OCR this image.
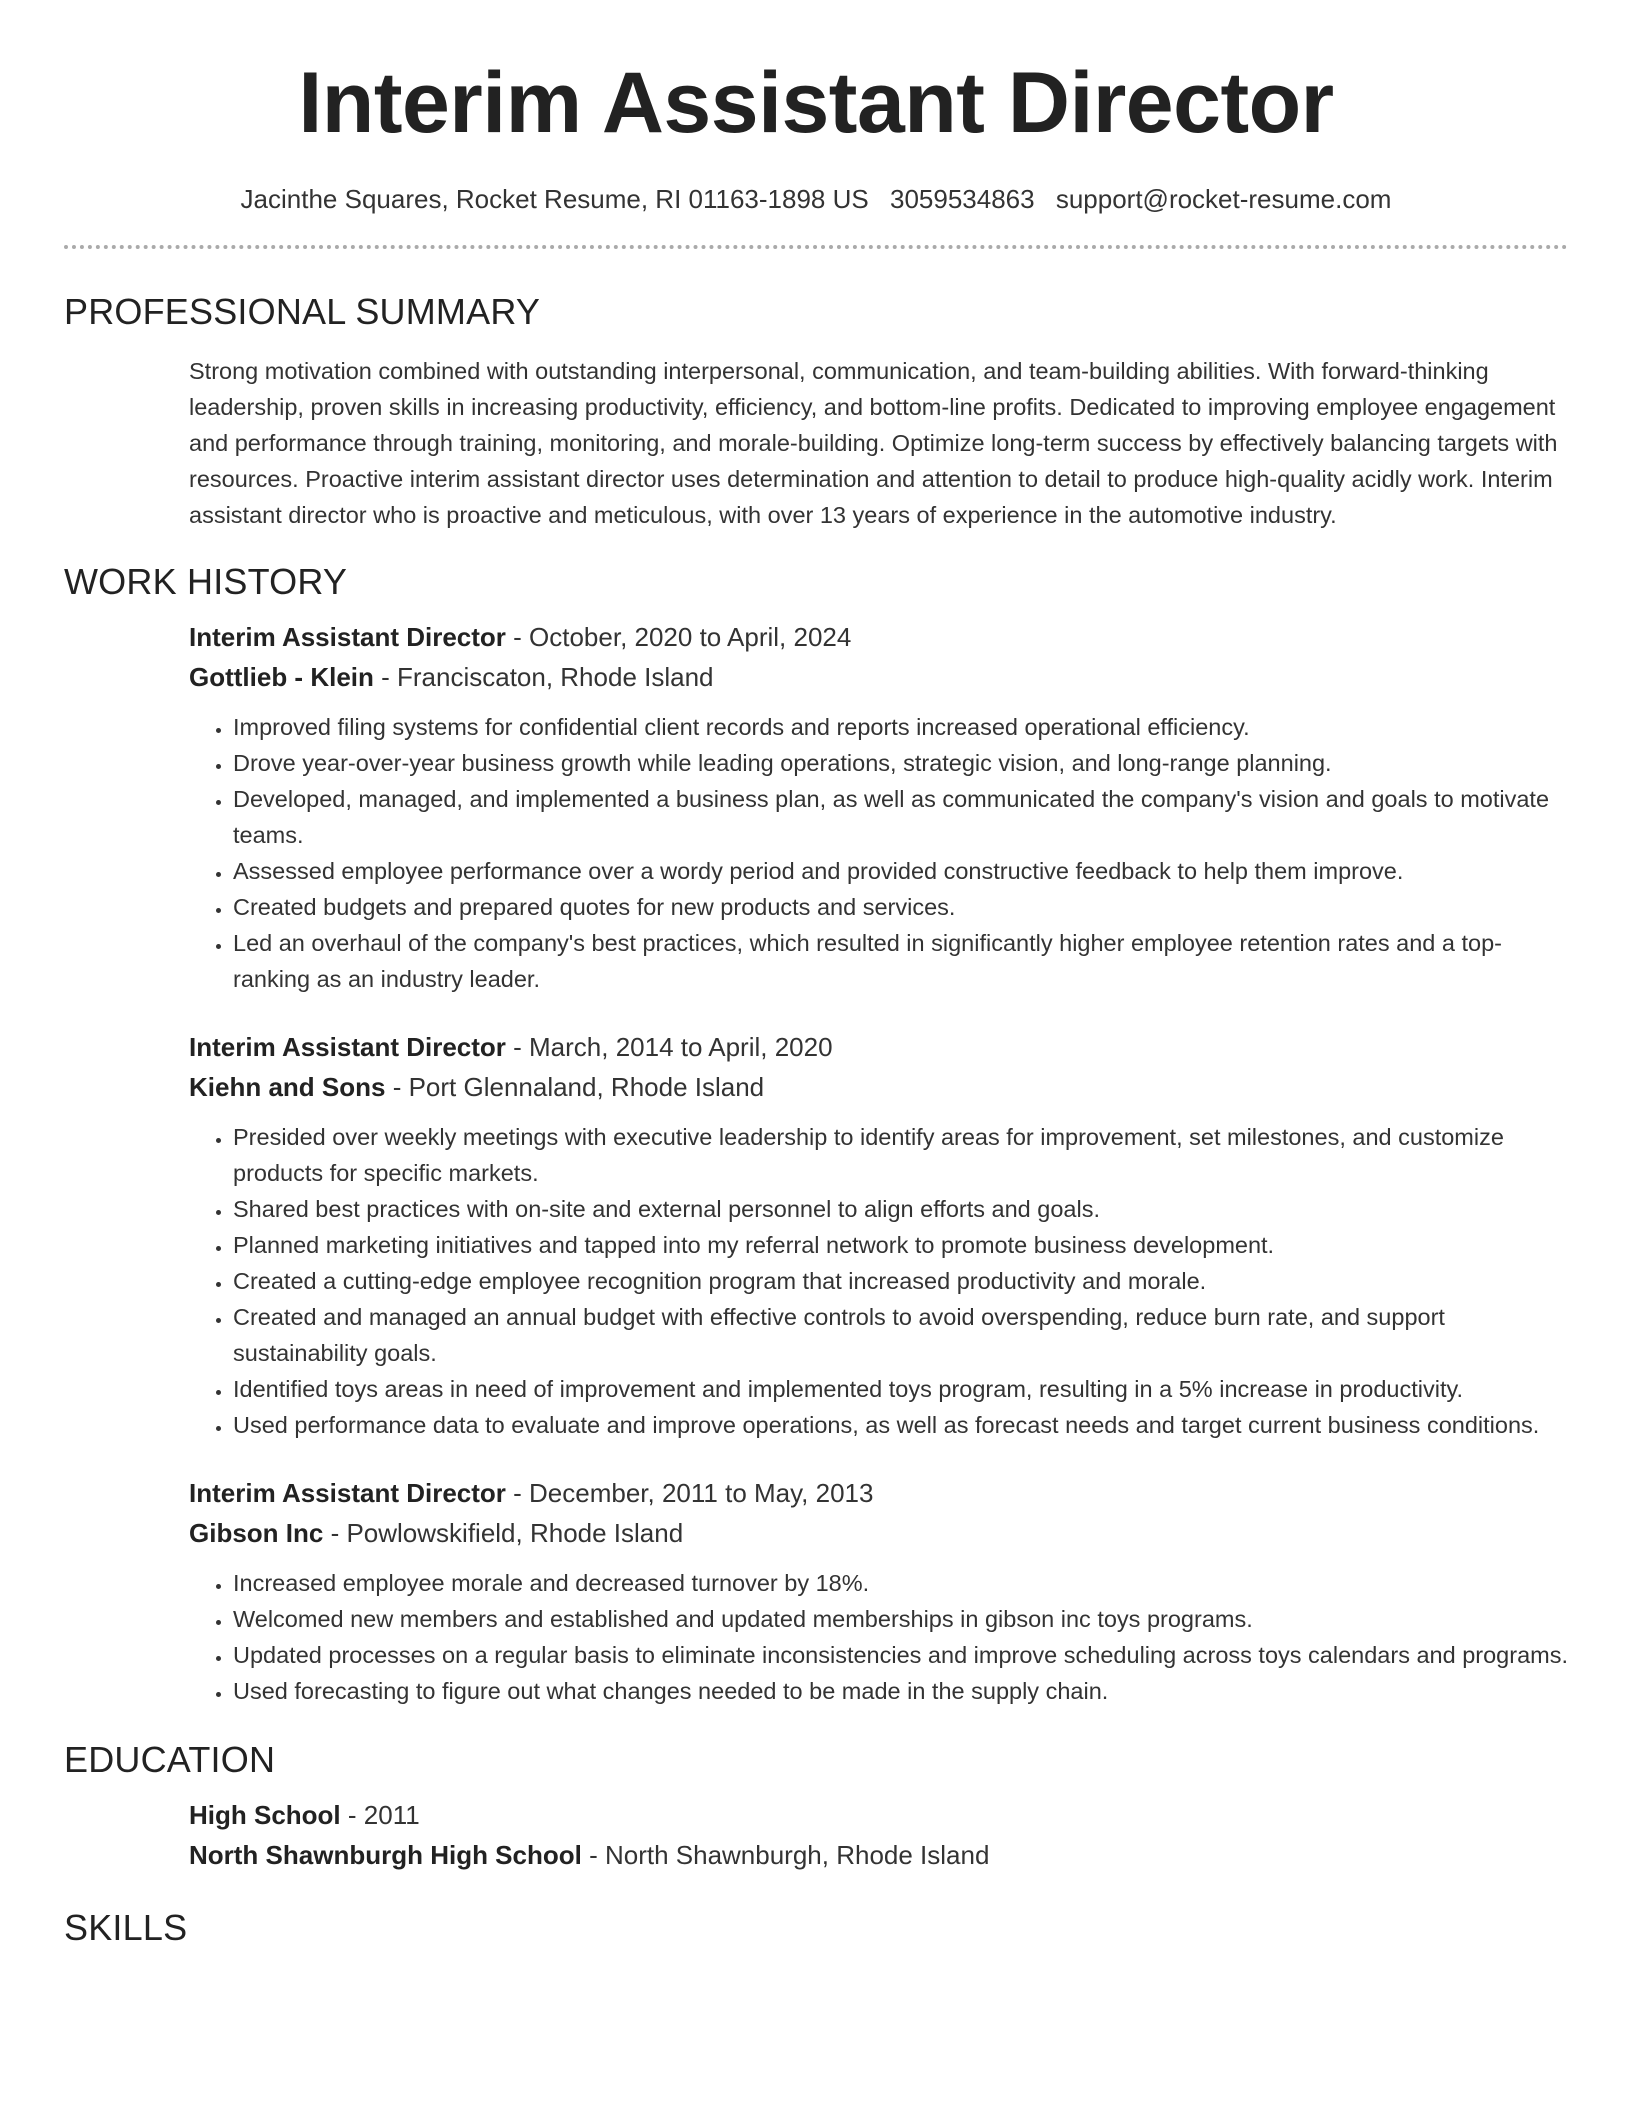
Interim Assistant Director
Jacinthe Squares, Rocket Resume, RI 01163-1898 US 3059534863 support@rocket-resume.com
PROFESSIONAL SUMMARY

Strong motivation combined with outstanding interpersonal, communication, and team-building abilities. With forward-thinking leadership, proven skills in increasing productivity, efficiency, and bottom-line profits. Dedicated to improving employee engagement and performance through training, monitoring, and morale-building. Optimize long-term success by effectively balancing targets with resources. Proactive interim assistant director uses determination and attention to detail to produce high-quality acidly work. Interim assistant director who is proactive and meticulous, with over 13 years of experience in the automotive industry.

WORK HISTORY
Interim Assistant Director - October, 2020 to April, 2024
Gottlieb - Klein - Franciscaton, Rhode Island
• Improved filing systems for confidential client records and reports increased operational efficiency.
• Drove year-over-year business growth while leading operations, strategic vision, and long-range planning.
• Developed, managed, and implemented a business plan, as well as communicated the company's vision and goals to motivate teams.
• Assessed employee performance over a wordy period and provided constructive feedback to help them improve.
• Created budgets and prepared quotes for new products and services.
• Led an overhaul of the company's best practices, which resulted in significantly higher employee retention rates and a top-ranking as an industry leader.
Interim Assistant Director - March, 2014 to April, 2020
Kiehn and Sons - Port Glennaland, Rhode Island
• Presided over weekly meetings with executive leadership to identify areas for improvement, set milestones, and customize products for specific markets.
• Shared best practices with on-site and external personnel to align efforts and goals.
• Planned marketing initiatives and tapped into my referral network to promote business development.
• Created a cutting-edge employee recognition program that increased productivity and morale.
• Created and managed an annual budget with effective controls to avoid overspending, reduce burn rate, and support sustainability goals.
• Identified toys areas in need of improvement and implemented toys program, resulting in a 5% increase in productivity.
• Used performance data to evaluate and improve operations, as well as forecast needs and target current business conditions.
Interim Assistant Director - December, 2011 to May, 2013
Gibson Inc - Powlowskifield, Rhode Island
• Increased employee morale and decreased turnover by 18%.
• Welcomed new members and established and updated memberships in gibson inc toys programs.
• Updated processes on a regular basis to eliminate inconsistencies and improve scheduling across toys calendars and programs.
• Used forecasting to figure out what changes needed to be made in the supply chain.
EDUCATION
High School - 2011
North Shawnburgh High School - North Shawnburgh, Rhode Island
SKILLS
